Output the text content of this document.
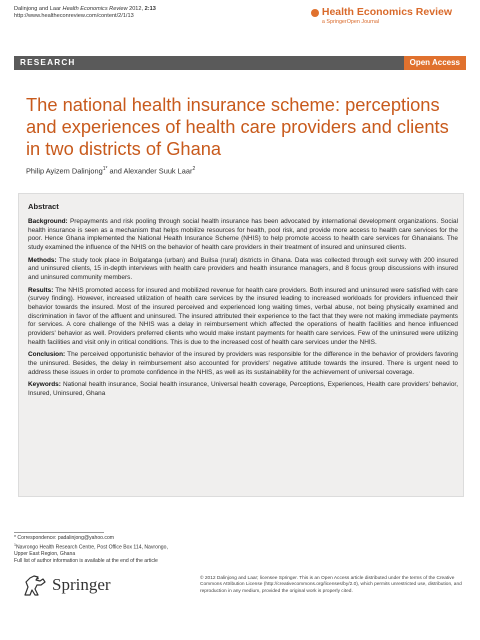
Dalinjong and Laar Health Economics Review 2012, 2:13
http://www.healtheconreview.com/content/2/1/13	Health Economics Review
a SpringerOpen Journal
RESEARCH	Open Access
The national health insurance scheme: perceptions and experiences of health care providers and clients in two districts of Ghana
Philip Ayizem Dalinjong$^{1*}$ and Alexander Suuk Laar$^2$
Abstract

Background: Prepayments and risk pooling through social health insurance has been advocated by international development organizations. Social health insurance is seen as a mechanism that helps mobilize resources for health, pool risk, and provide more access to health care services for the poor. Hence Ghana implemented the National Health Insurance Scheme (NHIS) to help promote access to health care services for Ghanaians. The study examined the influence of the NHIS on the behavior of health care providers in their treatment of insured and uninsured clients.

Methods: The study took place in Bolgatanga (urban) and Builsa (rural) districts in Ghana. Data was collected through exit survey with 200 insured and uninsured clients, 15 in-depth interviews with health care providers and health insurance managers, and 8 focus group discussions with insured and uninsured community members.

Results: The NHIS promoted access for insured and mobilized revenue for health care providers. Both insured and uninsured were satisfied with care (survey finding). However, increased utilization of health care services by the insured leading to increased workloads for providers influenced their behavior towards the insured. Most of the insured perceived and experienced long waiting times, verbal abuse, not being physically examined and discrimination in favor of the affluent and uninsured. The insured attributed their experience to the fact that they were not making immediate payments for services. A core challenge of the NHIS was a delay in reimbursement which affected the operations of health facilities and hence influenced providers' behavior as well. Providers preferred clients who would make instant payments for health care services. Few of the uninsured were utilizing health facilities and visit only in critical conditions. This is due to the increased cost of health care services under the NHIS.

Conclusion: The perceived opportunistic behavior of the insured by providers was responsible for the difference in the behavior of providers favoring the uninsured. Besides, the delay in reimbursement also accounted for providers' negative attitude towards the insured. There is urgent need to address these issues in order to promote confidence in the NHIS, as well as its sustainability for the achievement of universal coverage.

Keywords: National health insurance, Social health insurance, Universal health coverage, Perceptions, Experiences, Health care providers' behavior, Insured, Uninsured, Ghana

* Correspondence: padalinjong@yahoo.com
$^1$Navrongo Health Research Centre, Post Office Box 114, Navrongo, Upper East Region, Ghana
Full list of author information is available at the end of the article
Springer	© 2012 Dalinjong and Laar; licensee Springer. This is an Open Access article distributed under the terms of the Creative Commons Attribution License (http://creativecommons.org/licenses/by/2.0), which permits unrestricted use, distribution, and reproduction in any medium, provided the original work is properly cited.
